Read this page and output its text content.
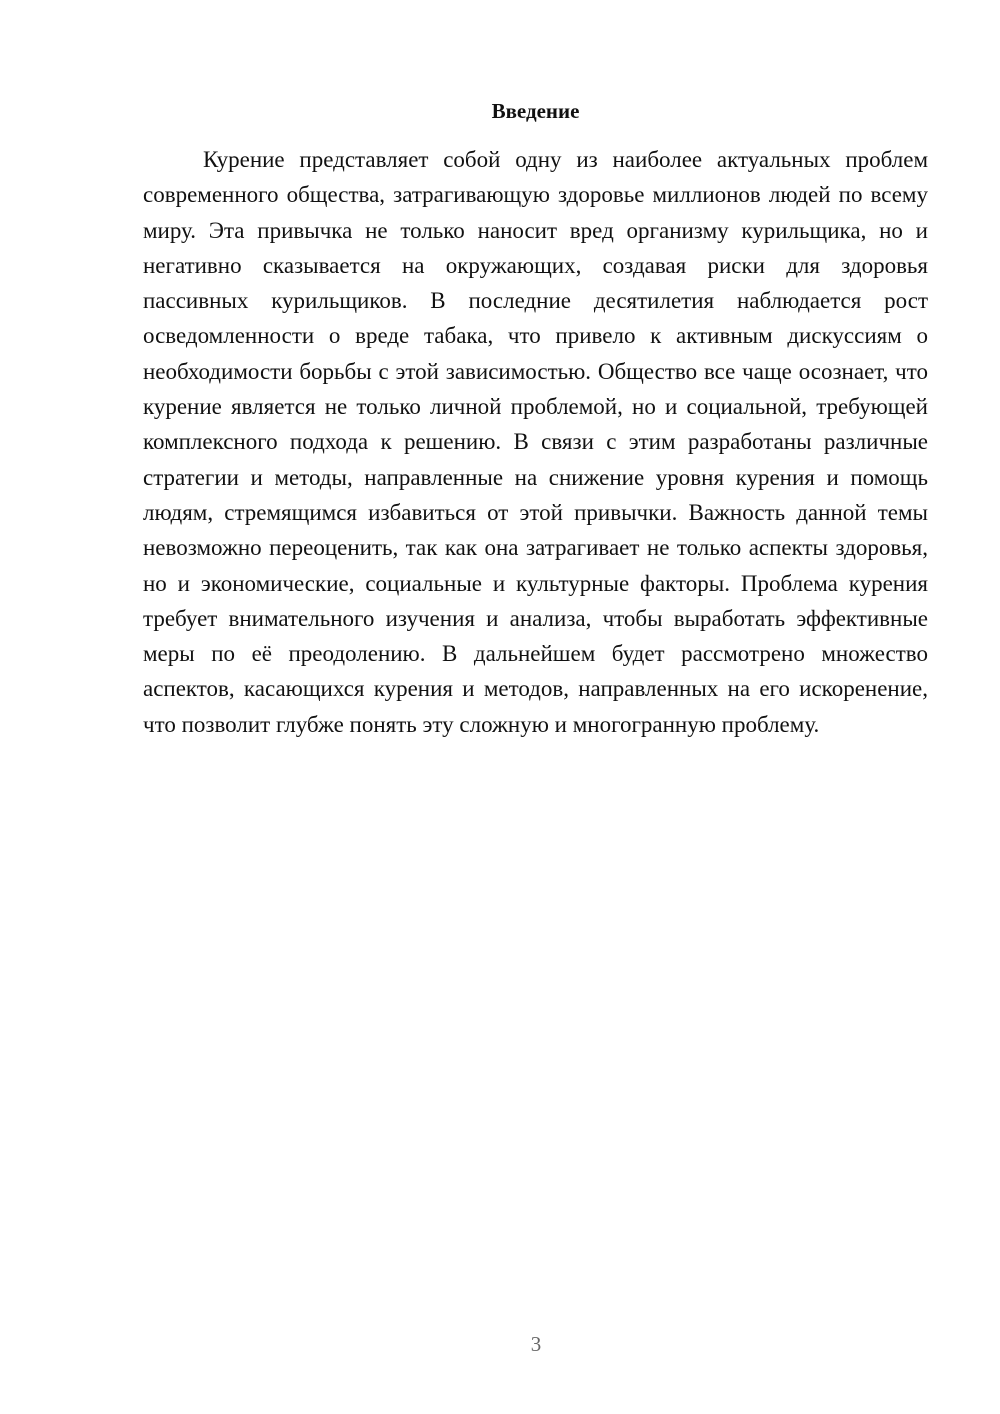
Введение

Курение представляет собой одну из наиболее актуальных проблем современного общества, затрагивающую здоровье миллионов людей по всему миру. Эта привычка не только наносит вред организму курильщика, но и негативно сказывается на окружающих, создавая риски для здоровья пассивных курильщиков. В последние десятилетия наблюдается рост осведомленности о вреде табака, что привело к активным дискуссиям о необходимости борьбы с этой зависимостью. Общество все чаще осознает, что курение является не только личной проблемой, но и социальной, требующей комплексного подхода к решению. В связи с этим разработаны различные стратегии и методы, направленные на снижение уровня курения и помощь людям, стремящимся избавиться от этой привычки. Важность данной темы невозможно переоценить, так как она затрагивает не только аспекты здоровья, но и экономические, социальные и культурные факторы. Проблема курения требует внимательного изучения и анализа, чтобы выработать эффективные меры по её преодолению. В дальнейшем будет рассмотрено множество аспектов, касающихся курения и методов, направленных на его искоренение, что позволит глубже понять эту сложную и многогранную проблему.

3
